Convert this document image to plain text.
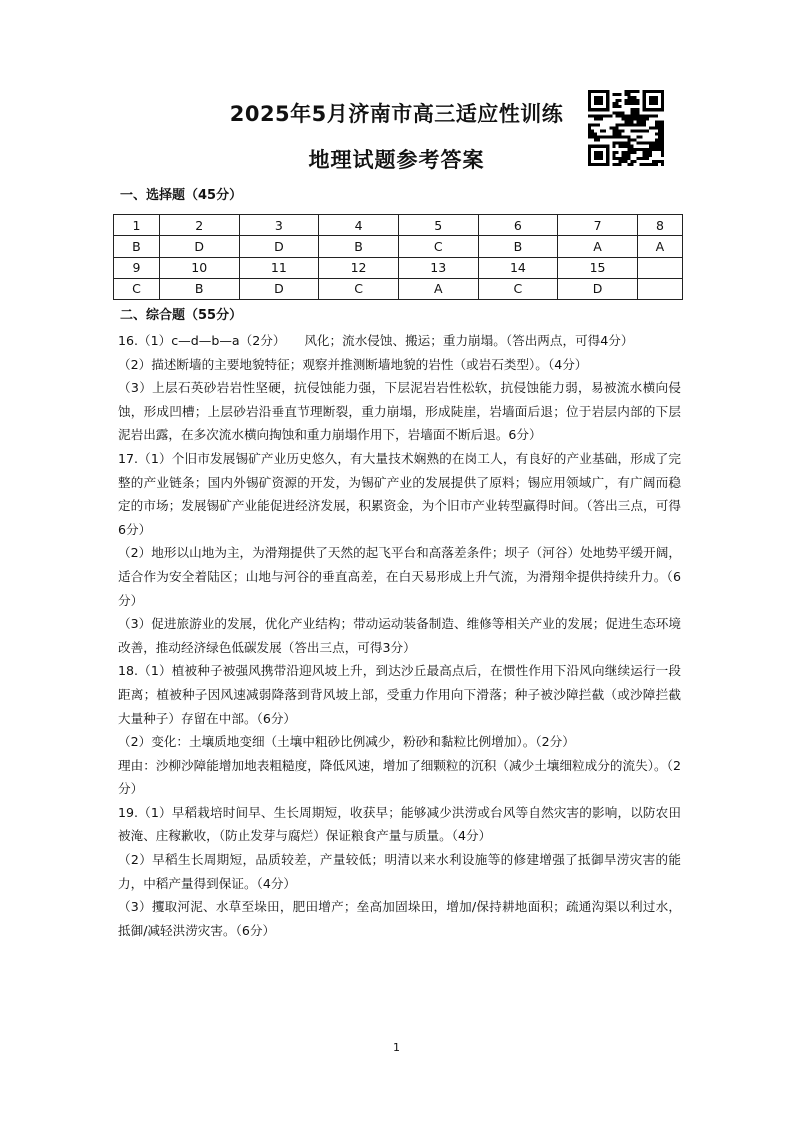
2025年5月济南市高三适应性训练
地理试题参考答案
一、选择题（45分）
1	2	3	4	5	6	7	8
B	D	D	B	C	B	A	A
9	10	11	12	13	14	15	
C	B	D	C	A	C	D	
二、综合题（55分）

16.（1）c—d—b—a（2分）　　风化；流水侵蚀、搬运；重力崩塌。（答出两点，可得4分）

（2）描述断墙的主要地貌特征；观察并推测断墙地貌的岩性（或岩石类型）。（4分）

（3）上层石英砂岩岩性坚硬，抗侵蚀能力强，下层泥岩岩性松软，抗侵蚀能力弱，易被流水横向侵蚀，形成凹槽；上层砂岩沿垂直节理断裂，重力崩塌，形成陡崖，岩墙面后退；位于岩层内部的下层泥岩出露，在多次流水横向掏蚀和重力崩塌作用下，岩墙面不断后退。6分）

17.（1）个旧市发展锡矿产业历史悠久，有大量技术娴熟的在岗工人，有良好的产业基础，形成了完整的产业链条；国内外锡矿资源的开发，为锡矿产业的发展提供了原料；锡应用领域广，有广阔而稳定的市场；发展锡矿产业能促进经济发展，积累资金，为个旧市产业转型赢得时间。（答出三点，可得6分）

（2）地形以山地为主，为滑翔提供了天然的起飞平台和高落差条件；坝子（河谷）处地势平缓开阔，适合作为安全着陆区；山地与河谷的垂直高差，在白天易形成上升气流，为滑翔伞提供持续升力。（6分）

（3）促进旅游业的发展，优化产业结构；带动运动装备制造、维修等相关产业的发展；促进生态环境改善，推动经济绿色低碳发展（答出三点，可得3分）

18.（1）植被种子被强风携带沿迎风坡上升，到达沙丘最高点后，在惯性作用下沿风向继续运行一段距离；植被种子因风速减弱降落到背风坡上部，受重力作用向下滑落；种子被沙障拦截（或沙障拦截大量种子）存留在中部。（6分）

（2）变化：土壤质地变细（土壤中粗砂比例减少，粉砂和黏粒比例增加）。（2分）

理由：沙柳沙障能增加地表粗糙度，降低风速，增加了细颗粒的沉积（减少土壤细粒成分的流失）。（2分）

19.（1）早稻栽培时间早、生长周期短，收获早；能够减少洪涝或台风等自然灾害的影响，以防农田被淹、庄稼歉收，（防止发芽与腐烂）保证粮食产量与质量。（4分）

（2）早稻生长周期短，品质较差，产量较低；明清以来水利设施等的修建增强了抵御旱涝灾害的能力，中稻产量得到保证。（4分）

（3）攫取河泥、水草至垛田，肥田增产；垒高加固垛田，增加/保持耕地面积；疏通沟渠以利过水，抵御/减轻洪涝灾害。（6分）

1
